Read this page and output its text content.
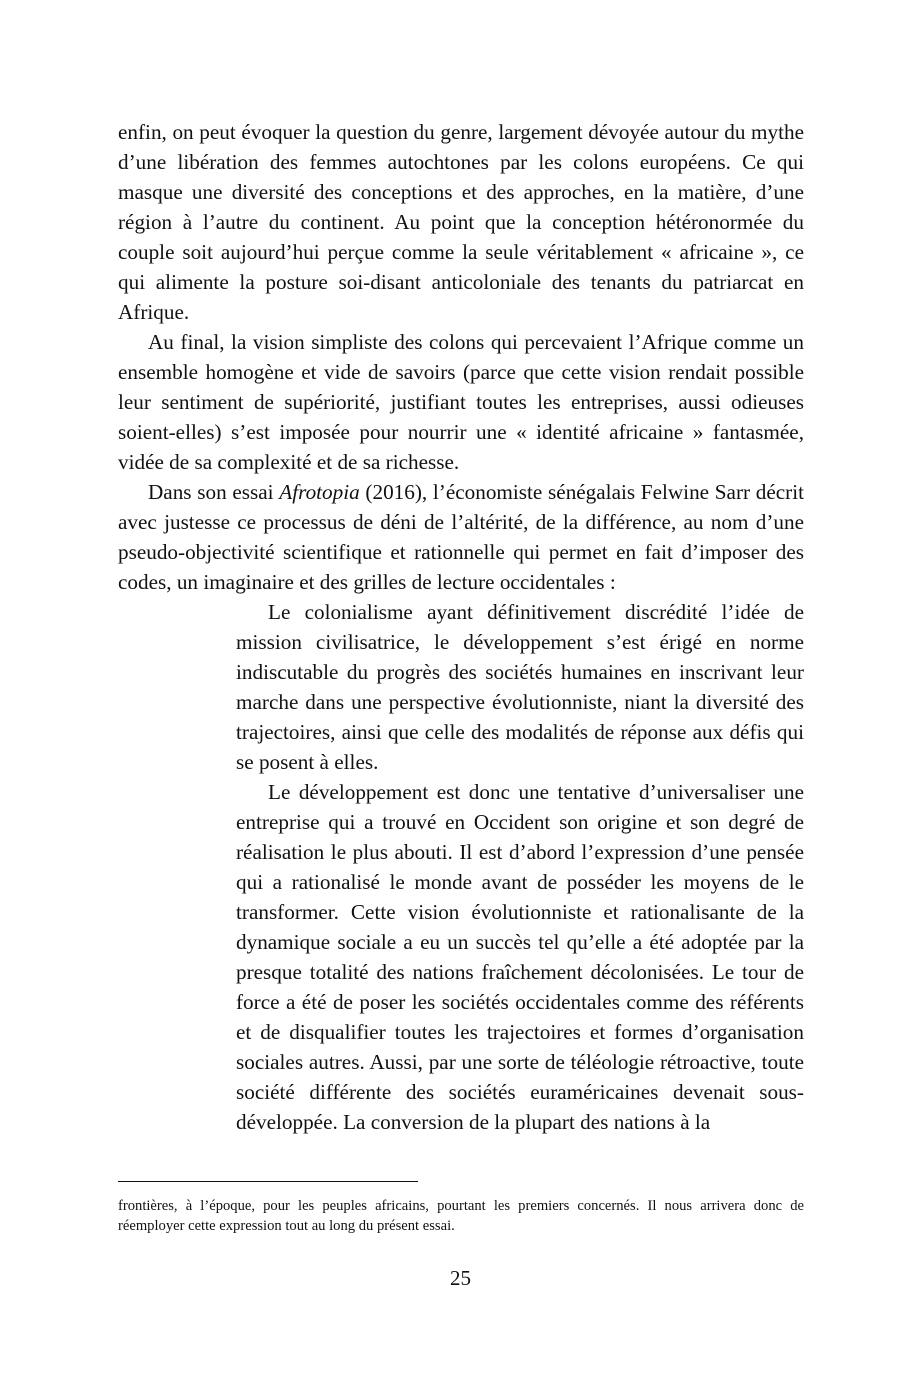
enfin, on peut évoquer la question du genre, largement dévoyée autour du mythe d’une libération des femmes autochtones par les colons européens. Ce qui masque une diversité des conceptions et des approches, en la matière, d’une région à l’autre du continent. Au point que la conception hétéronormée du couple soit aujourd’hui perçue comme la seule véritablement « africaine », ce qui alimente la posture soi-disant anticoloniale des tenants du patriarcat en Afrique.

Au final, la vision simpliste des colons qui percevaient l’Afrique comme un ensemble homogène et vide de savoirs (parce que cette vision rendait possible leur sentiment de supériorité, justifiant toutes les entreprises, aussi odieuses soient-elles) s’est imposée pour nourrir une « identité africaine » fantasmée, vidée de sa complexité et de sa richesse.

Dans son essai Afrotopia (2016), l’économiste sénégalais Felwine Sarr décrit avec justesse ce processus de déni de l’altérité, de la différence, au nom d’une pseudo-objectivité scientifique et rationnelle qui permet en fait d’imposer des codes, un imaginaire et des grilles de lecture occidentales :

Le colonialisme ayant définitivement discrédité l’idée de mission civilisatrice, le développement s’est érigé en norme indiscutable du progrès des sociétés humaines en inscrivant leur marche dans une perspective évolutionniste, niant la diversité des trajectoires, ainsi que celle des modalités de réponse aux défis qui se posent à elles.

Le développement est donc une tentative d’universaliser une entreprise qui a trouvé en Occident son origine et son degré de réalisation le plus abouti. Il est d’abord l’expression d’une pensée qui a rationalisé le monde avant de posséder les moyens de le transformer. Cette vision évolutionniste et rationalisante de la dynamique sociale a eu un succès tel qu’elle a été adoptée par la presque totalité des nations fraîchement décolonisées. Le tour de force a été de poser les sociétés occidentales comme des référents et de disqualifier toutes les trajectoires et formes d’organisation sociales autres. Aussi, par une sorte de téléologie rétroactive, toute société différente des sociétés euraméricaines devenait sous-développée. La conversion de la plupart des nations à la

frontières, à l’époque, pour les peuples africains, pourtant les premiers concernés. Il nous arrivera donc de réemployer cette expression tout au long du présent essai.

25
